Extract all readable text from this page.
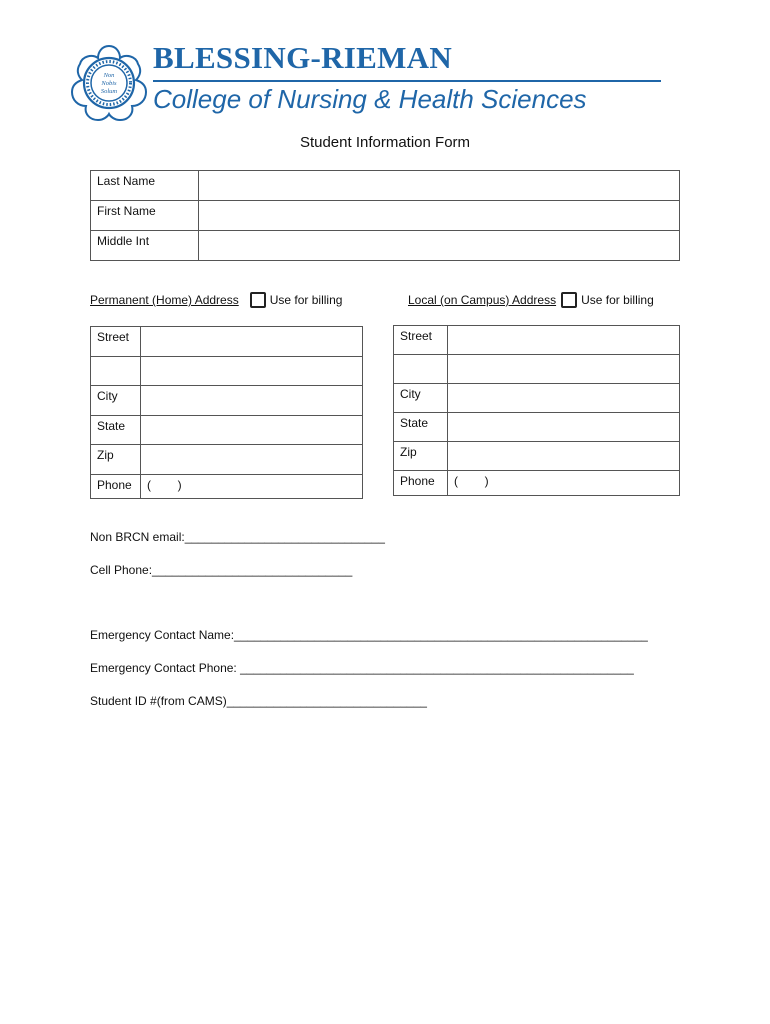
Non
Nobis
Solum
BLESSING-RIEMAN
College of Nursing & Health Sciences
Student Information Form
Last Name	
First Name	
Middle Int	
Permanent (Home) Address	Use for billing	Local (on Campus) Address Use for billing
Street	

City	
State	
Zip	
Phone	(        )
Street	

City	
State	
Zip	
Phone	(        )
Non BRCN email:______________________________
Cell Phone:______________________________
Emergency Contact Name:______________________________________________________________
Emergency Contact Phone: ___________________________________________________________
Student ID #(from CAMS)______________________________
